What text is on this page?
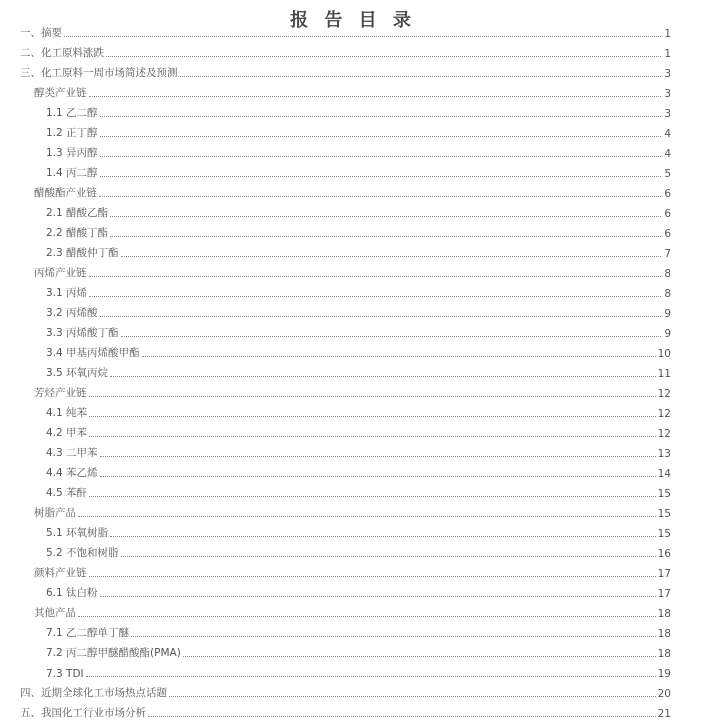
报 告 目 录
一、摘要	1
二、化工原料涨跌	1
三、化工原料一周市场简述及预测	3
醇类产业链	3
1.1 乙二醇	3
1.2 正丁醇	4
1.3 异丙醇	4
1.4 丙二醇	5
醋酸酯产业链	6
2.1 醋酸乙酯	6
2.2 醋酸丁酯	6
2.3 醋酸仲丁酯	7
丙烯产业链	8
3.1 丙烯	8
3.2 丙烯酸	9
3.3 丙烯酸丁酯	9
3.4 甲基丙烯酸甲酯	10
3.5 环氧丙烷	11
芳烃产业链	12
4.1 纯苯	12
4.2 甲苯	12
4.3 二甲苯	13
4.4 苯乙烯	14
4.5 苯酐	15
树脂产品	15
5.1 环氧树脂	15
5.2 不饱和树脂	16
颜料产业链	17
6.1 钛白粉	17
其他产品	18
7.1 乙二醇单丁醚	18
7.2 丙二醇甲醚醋酸酯(PMA)	18
7.3 TDI	19
四、近期全球化工市场热点话题	20
五、我国化工行业市场分析	21
